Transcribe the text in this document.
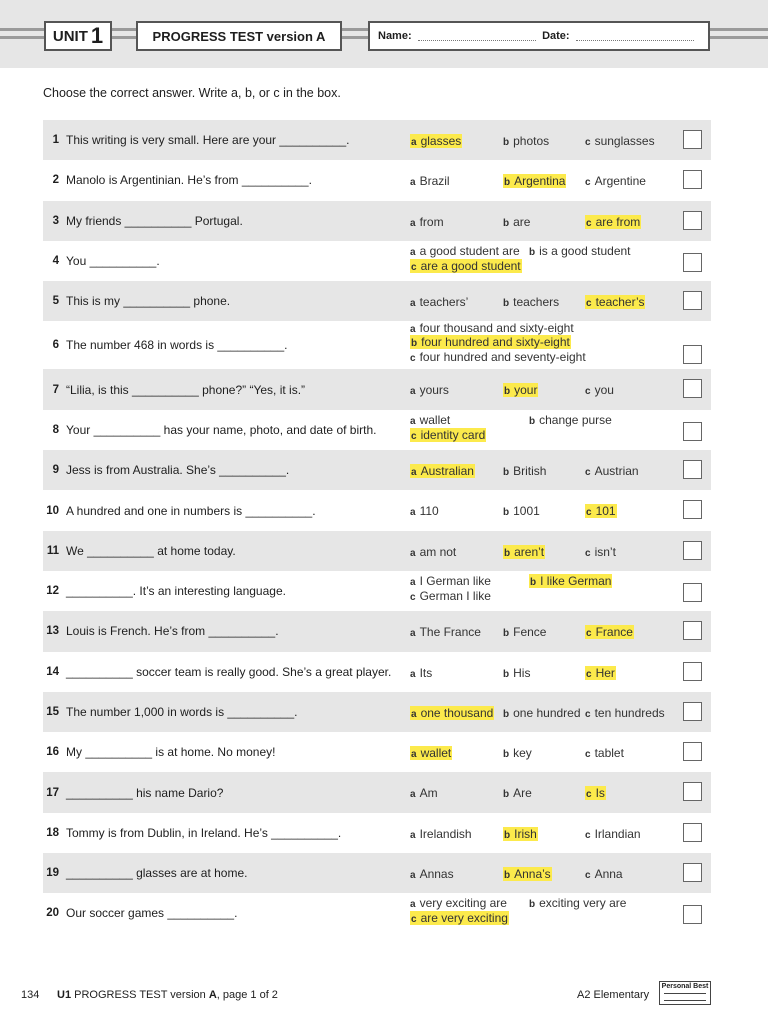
UNIT 1	PROGRESS TEST version A	Name:	Date:
Choose the correct answer. Write a, b, or c in the box.
1 This writing is very small. Here are your __________.	a glasses	b photos	c sunglasses
2 Manolo is Argentinian. He’s from __________.	a Brazil	b Argentina c Argentine
3 My friends __________ Portugal.	a from	b are	c are from
4 You __________.
a a good student are b is a good student
c are a good student
5 This is my __________ phone.	a teachers’	b teachers	c teacher’s
6 The number 468 in words is __________.
a four thousand and sixty-eight
b four hundred and sixty-eight
c four hundred and seventy-eight
7 “Lilia, is this __________ phone?” “Yes, it is.”	a yours	b your	c you
8 Your __________ has your name, photo, and date of birth.
a wallet	b change purse
c identity card
9 Jess is from Australia. She’s __________.	a Australian	b British	c Austrian
10 A hundred and one in numbers is __________.	a 110	b 1001	c 101
11 We __________ at home today.	a am not	b aren’t	c isn’t
12 __________. It’s an interesting language.
a I German like	b I like German
c German I like
13 Louis is French. He’s from __________.	a The France b Fence	c France
14 __________ soccer team is really good. She’s a great player. a Its	b His	c Her
15 The number 1,000 in words is __________.	a one thousand b one hundred c ten hundreds
16 My __________ is at home. No money!	a wallet	b key	c tablet
17 __________ his name Dario?	a Am	b Are	c Is
18 Tommy is from Dublin, in Ireland. He’s __________.	a Irelandish	b Irish	c Irlandian
19 __________ glasses are at home.	a Annas	b Anna’s	c Anna
20 Our soccer games __________.
a very exciting are b exciting very are
c are very exciting
134 U1 PROGRESS TEST version A, page 1 of 2	A2 Elementary
Personal Best
